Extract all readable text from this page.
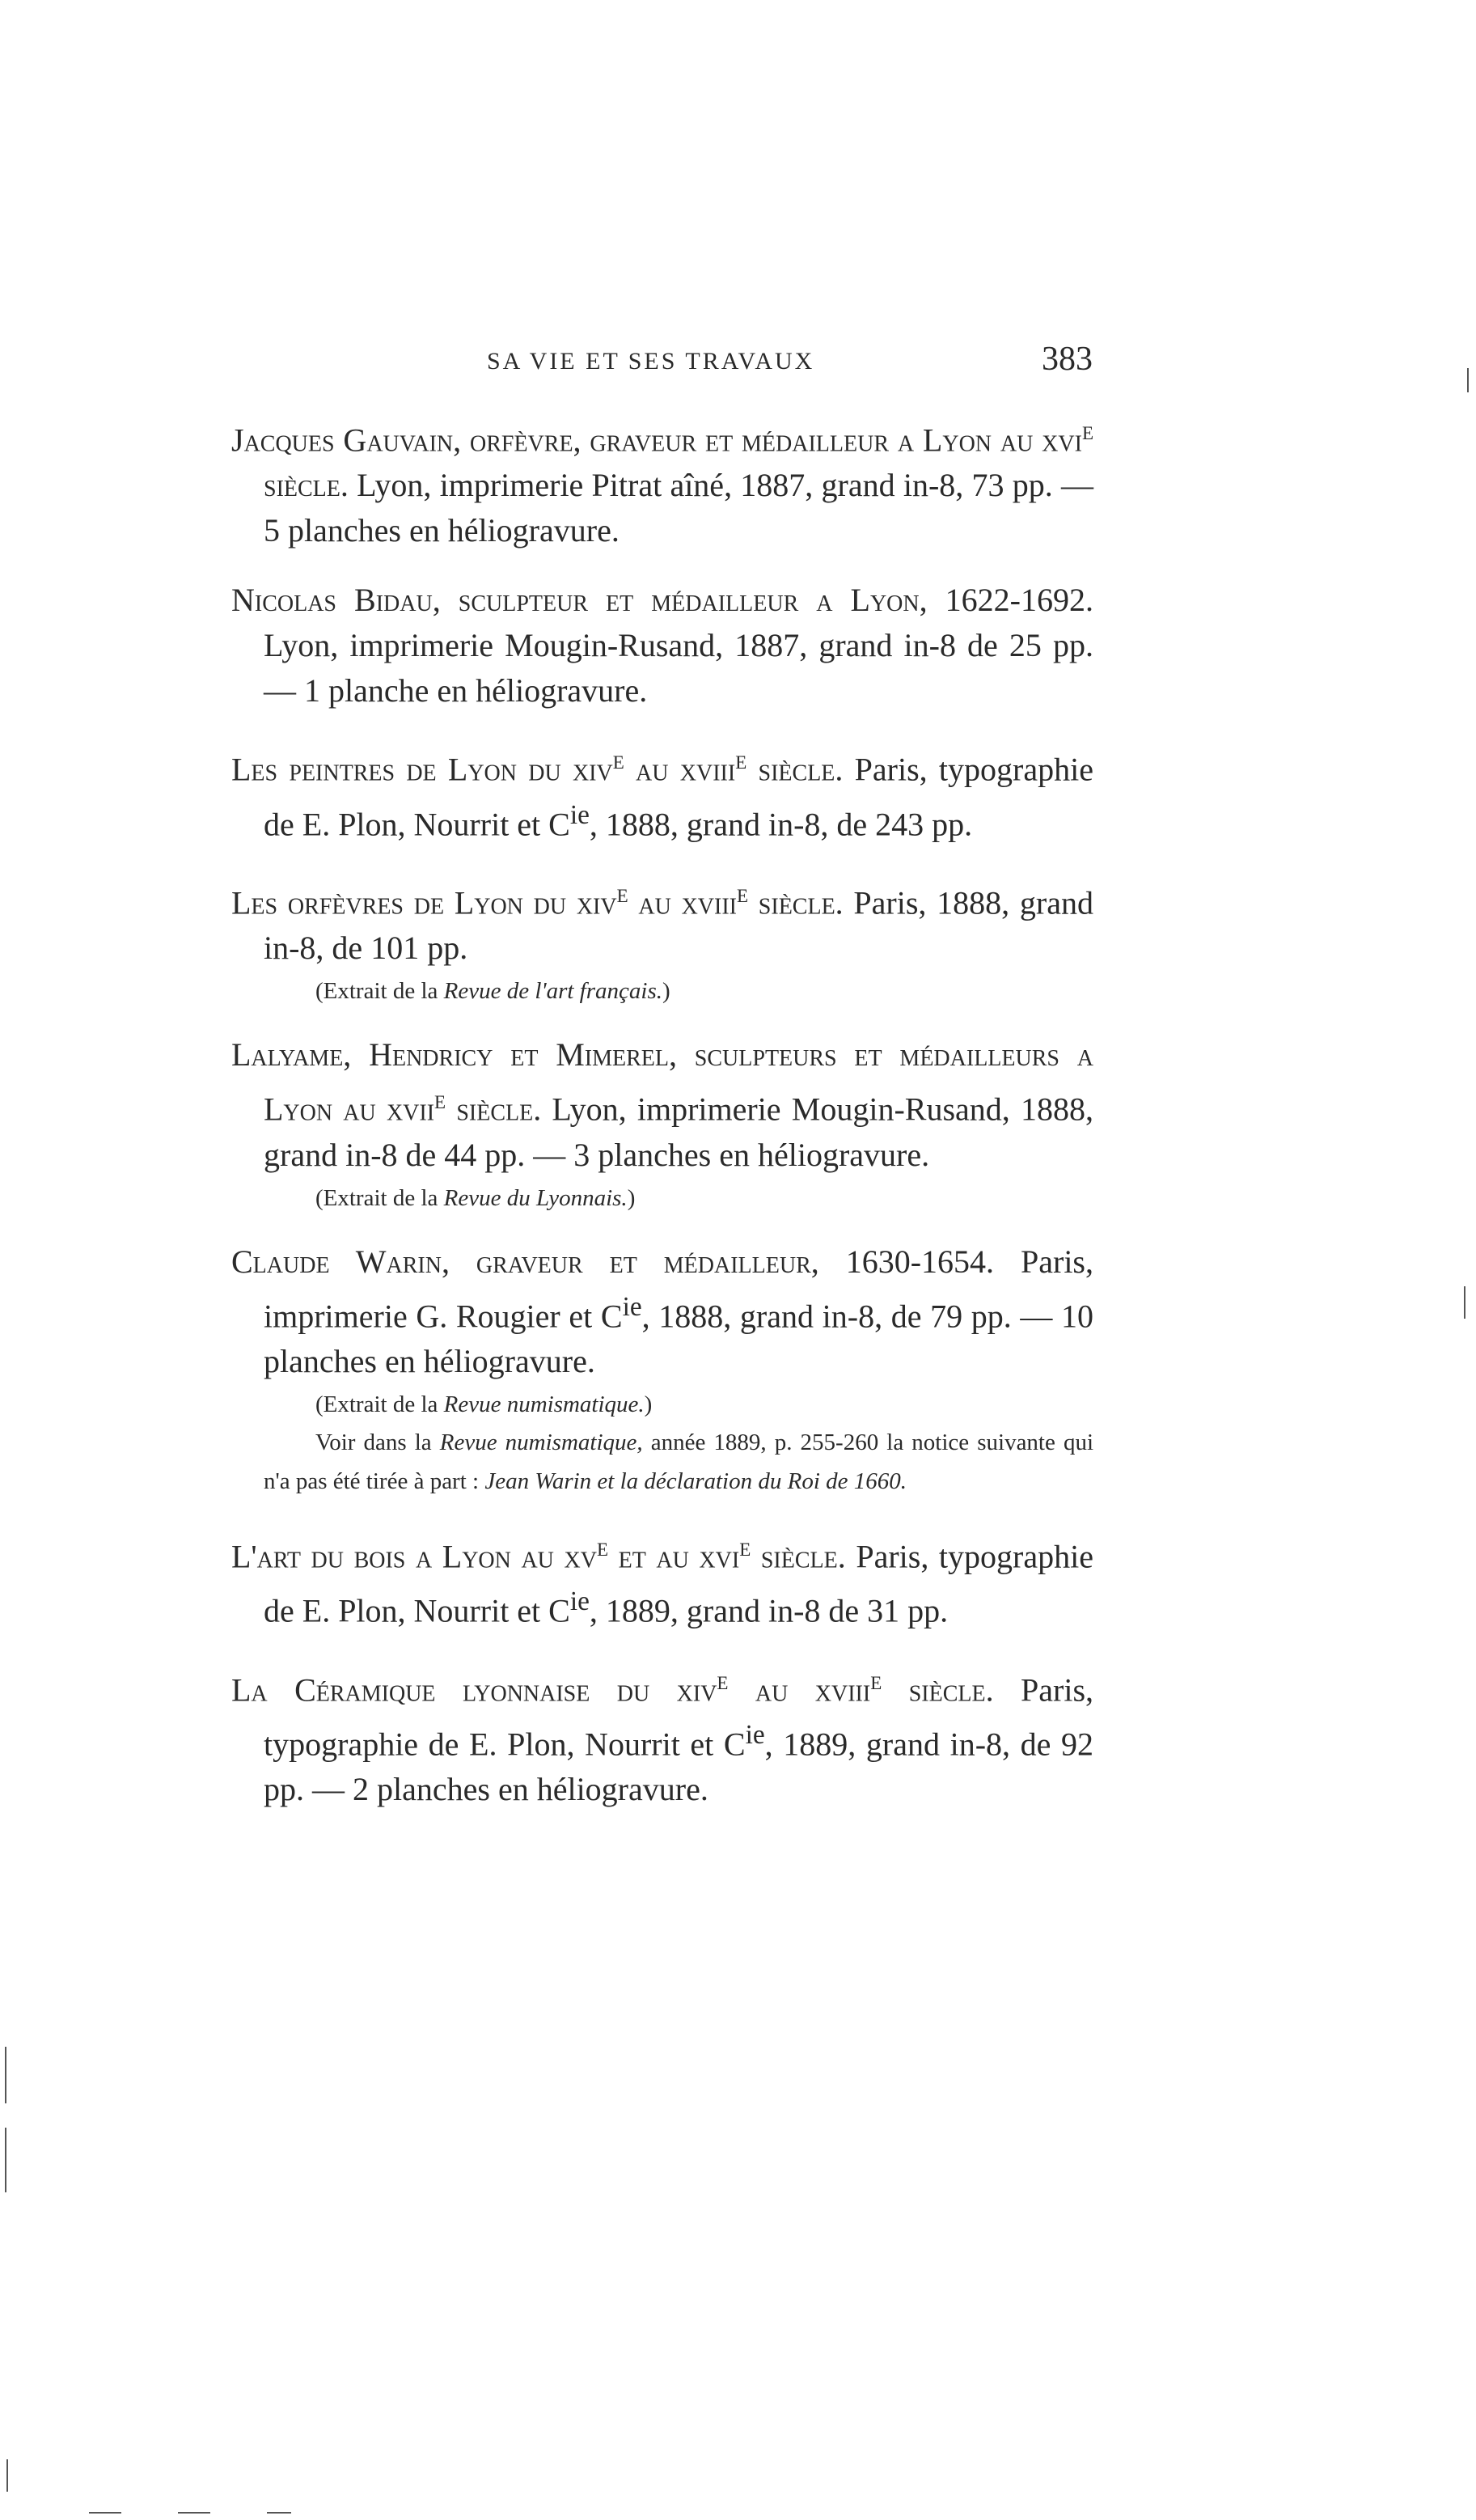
SA VIE ET SES TRAVAUX	383

Jacques Gauvain, orfèvre, graveur et médailleur a Lyon au xvi$^e$ siècle. Lyon, imprimerie Pitrat aîné, 1887, grand in-8, 73 pp. — 5 planches en héliogravure.

Nicolas Bidau, sculpteur et médailleur a Lyon, 1622-1692. Lyon, imprimerie Mougin-Rusand, 1887, grand in-8 de 25 pp. — 1 planche en héliogravure.

Les peintres de Lyon du xiv$^e$ au xviii$^e$ siècle. Paris, typographie de E. Plon, Nourrit et $C^{ie}$, 1888, grand in-8, de 243 pp.

Les orfèvres de Lyon du xiv$^e$ au xviii$^e$ siècle. Paris, 1888, grand in-8, de 101 pp.

(Extrait de la Revue de l'art français.)

Lalyame, Hendricy et Mimerel, sculpteurs et médailleurs a Lyon au xvii$^e$ siècle. Lyon, imprimerie Mougin-Rusand, 1888, grand in-8 de 44 pp. — 3 planches en héliogravure.

(Extrait de la Revue du Lyonnais.)

Claude Warin, graveur et médailleur, 1630-1654. Paris, imprimerie G. Rougier et $C^{ie}$, 1888, grand in-8, de 79 pp. — 10 planches en héliogravure.

(Extrait de la Revue numismatique.)

Voir dans la Revue numismatique, année 1889, p. 255-260 la notice suivante qui n'a pas été tirée à part : Jean Warin et la déclaration du Roi de 1660.

L'art du bois a Lyon au $xv^e$ et au xvi$^e$ siècle. Paris, typographie de E. Plon, Nourrit et $C^{ie}$, 1889, grand in-8 de 31 pp.

La Céramique lyonnaise du xiv$^e$ au xviii$^e$ siècle. Paris, typographie de E. Plon, Nourrit et $C^{ie}$, 1889, grand in-8, de 92 pp. — 2 planches en héliogravure.
